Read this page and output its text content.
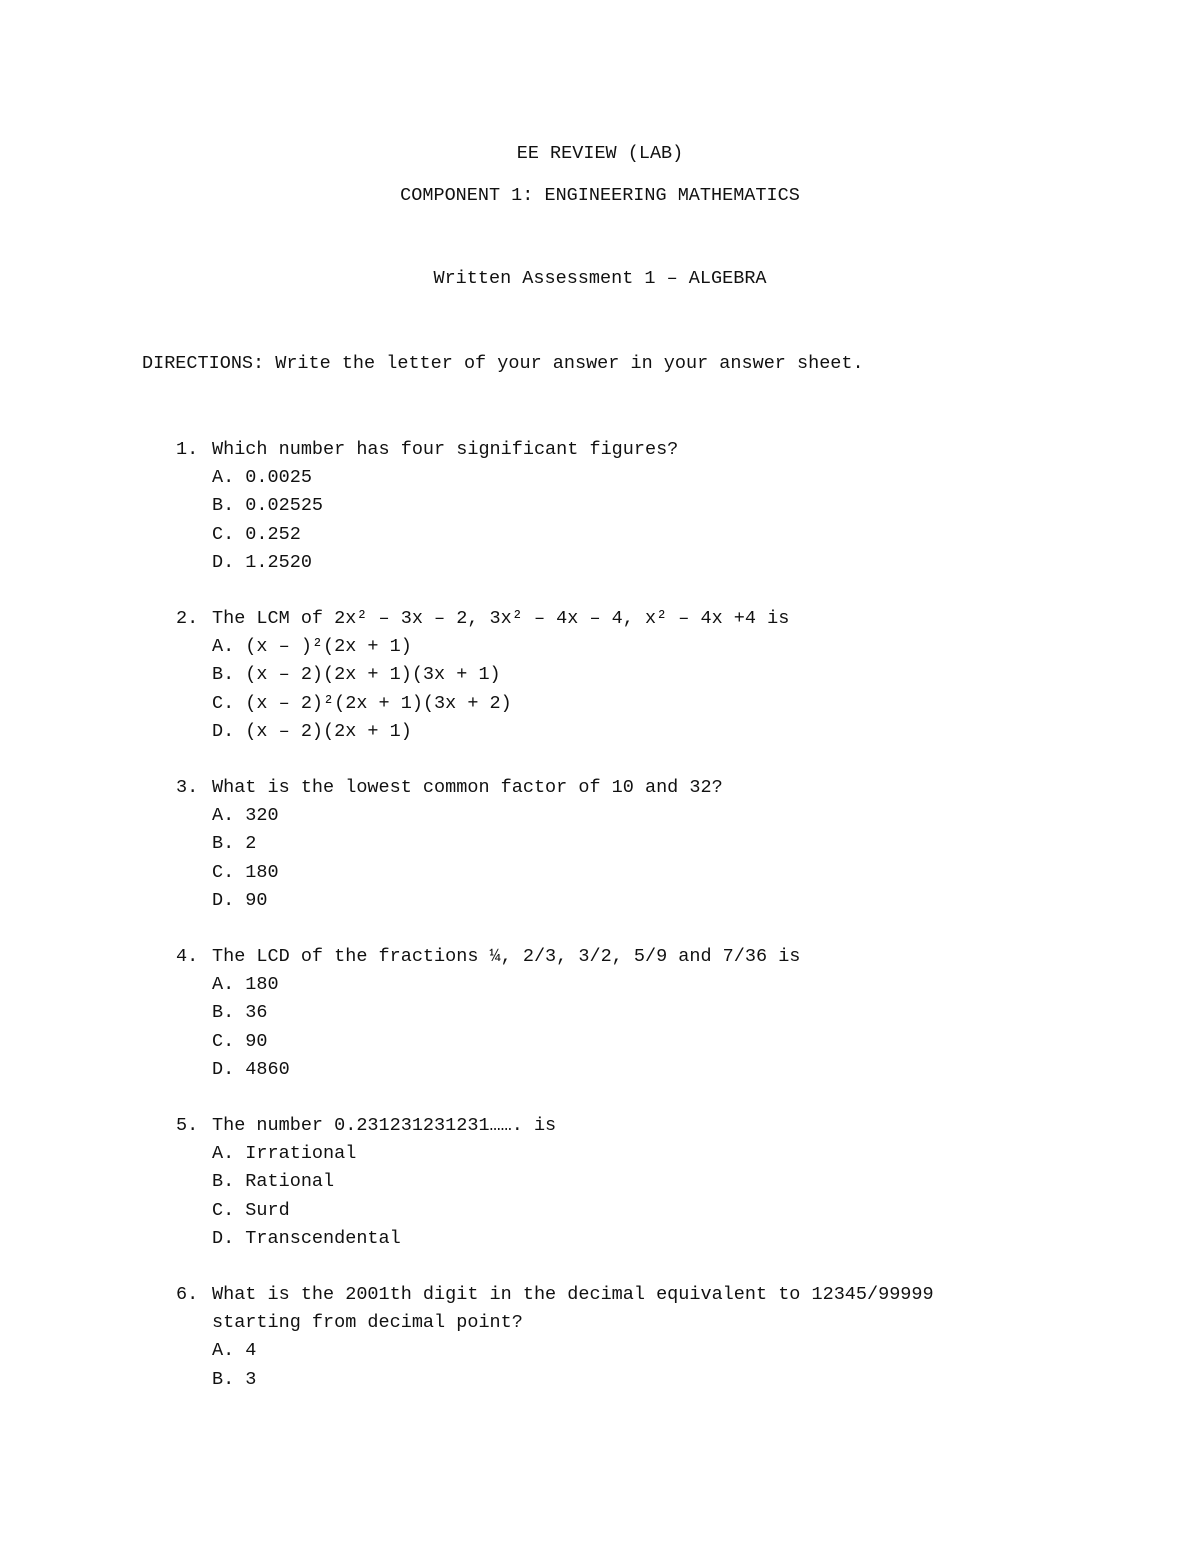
EE REVIEW (LAB)
COMPONENT 1: ENGINEERING MATHEMATICS
Written Assessment 1 – ALGEBRA
DIRECTIONS: Write the letter of your answer in your answer sheet.
1. Which number has four significant figures?
A. 0.0025
B. 0.02525
C. 0.252
D. 1.2520
2. The LCM of 2x² – 3x – 2, 3x² – 4x – 4, x² – 4x +4 is
A. (x – )²(2x + 1)
B. (x – 2)(2x + 1)(3x + 1)
C. (x – 2)²(2x + 1)(3x + 2)
D. (x – 2)(2x + 1)
3. What is the lowest common factor of 10 and 32?
A. 320
B. 2
C. 180
D. 90
4. The LCD of the fractions ¼, 2/3, 3/2, 5/9 and 7/36 is
A. 180
B. 36
C. 90
D. 4860
5. The number 0.231231231231……. is
A. Irrational
B. Rational
C. Surd
D. Transcendental
6. What is the 2001th digit in the decimal equivalent to 12345/99999
starting from decimal point?
A. 4
B. 3
